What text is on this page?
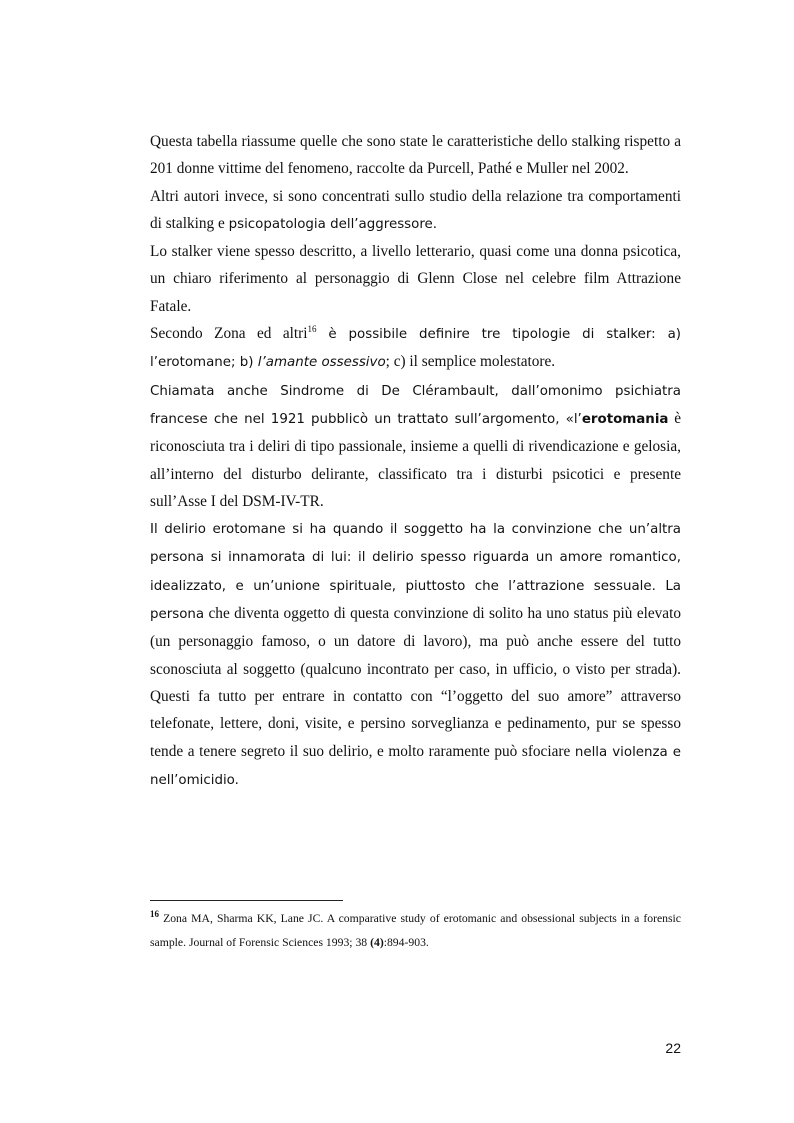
Questa tabella riassume quelle che sono state le caratteristiche dello stalking rispetto a 201 donne vittime del fenomeno, raccolte da Purcell, Pathé e Muller nel 2002.

Altri autori invece, si sono concentrati sullo studio della relazione tra comportamenti di stalking e psicopatologia dell’aggressore.

Lo stalker viene spesso descritto, a livello letterario, quasi come una donna psicotica, un chiaro riferimento al personaggio di Glenn Close nel celebre film Attrazione Fatale.

Secondo Zona ed altri$^{16}$ è possibile definire tre tipologie di stalker: a) l’erotomane; b) l’amante ossessivo; c) il semplice molestatore.

Chiamata anche Sindrome di De Clérambault, dall’omonimo psichiatra francese che nel 1921 pubblicò un trattato sull’argomento, «l’erotomania è riconosciuta tra i deliri di tipo passionale, insieme a quelli di rivendicazione e gelosia, all’interno del disturbo delirante, classificato tra i disturbi psicotici e presente sull’Asse I del DSM-IV-TR.

Il delirio erotomane si ha quando il soggetto ha la convinzione che un’altra persona si innamorata di lui: il delirio spesso riguarda un amore romantico, idealizzato, e un’unione spirituale, piuttosto che l’attrazione sessuale. La persona che diventa oggetto di questa convinzione di solito ha uno status più elevato (un personaggio famoso, o un datore di lavoro), ma può anche essere del tutto sconosciuta al soggetto (qualcuno incontrato per caso, in ufficio, o visto per strada). Questi fa tutto per entrare in contatto con “l’oggetto del suo amore” attraverso telefonate, lettere, doni, visite, e persino sorveglianza e pedinamento, pur se spesso tende a tenere segreto il suo delirio, e molto raramente può sfociare nella violenza e nell’omicidio.

$^{16}$ Zona MA, Sharma KK, Lane JC. A comparative study of erotomanic and obsessional subjects in a forensic sample. Journal of Forensic Sciences 1993; 38 (4):894-903.
22
